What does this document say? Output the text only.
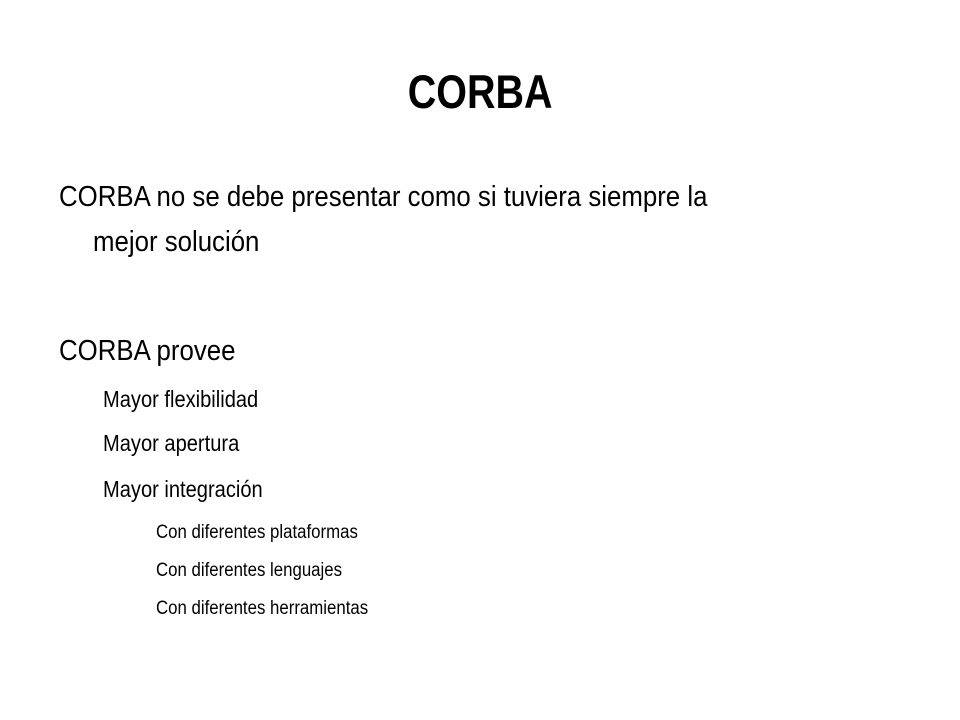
CORBA
CORBA no se debe presentar como si tuviera siempre la
mejor solución
CORBA provee
Mayor flexibilidad
Mayor apertura
Mayor integración
Con diferentes plataformas
Con diferentes lenguajes
Con diferentes herramientas
